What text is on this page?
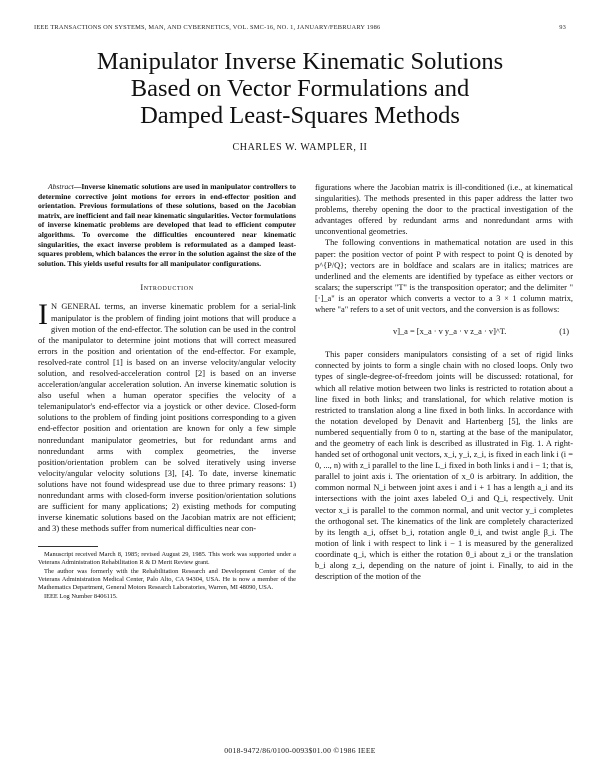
IEEE TRANSACTIONS ON SYSTEMS, MAN, AND CYBERNETICS, VOL. SMC-16, NO. 1, JANUARY/FEBRUARY 1986	93
Manipulator Inverse Kinematic Solutions
Based on Vector Formulations and
Damped Least-Squares Methods
CHARLES W. WAMPLER, II

Abstract—Inverse kinematic solutions are used in manipulator controllers to determine corrective joint motions for errors in end-effector position and orientation. Previous formulations of these solutions, based on the Jacobian matrix, are inefficient and fail near kinematic singularities. Vector formulations of inverse kinematic problems are developed that lead to efficient computer algorithms. To overcome the difficulties encountered near kinematic singularities, the exact inverse problem is reformulated as a damped least-squares problem, which balances the error in the solution against the size of the solution. This yields useful results for all manipulator configurations.

Introduction

I N GENERAL terms, an inverse kinematic problem for a serial-link manipulator is the problem of finding joint motions that will produce a given motion of the end-effector. The solution can be used in the control of the manipulator to determine joint motions that will correct measured errors in the position and orientation of the end-effector. For example, resolved-rate control [1] is based on an inverse velocity/angular velocity solution, and resolved-acceleration control [2] is based on an inverse acceleration/angular acceleration solution. An inverse kinematic solution is also useful when a human operator specifies the velocity of a telemanipulator's end-effector via a joystick or other device. Closed-form solutions to the problem of finding joint positions corresponding to a given end-effector position and orientation are known for only a few simple nonredundant manipulator geometries, but for redundant arms and nonredundant arms with complex geometries, the inverse position/orientation problem can be solved iteratively using inverse velocity/angular velocity solutions [3], [4]. To date, inverse kinematic solutions have not found widespread use due to three primary reasons: 1) nonredundant arms with closed-form inverse position/orientation solutions are sufficient for many applications; 2) existing methods for computing inverse kinematic solutions based on the Jacobian matrix are not efficient; and 3) these methods suffer from numerical difficulties near con-

Manuscript received March 8, 1985; revised August 29, 1985. This work was supported under a Veterans Administration Rehabilitation R & D Merit Review grant.

The author was formerly with the Rehabilitation Research and Development Center of the Veterans Administration Medical Center, Palo Alto, CA 94304, USA. He is now a member of the Mathematics Department, General Motors Research Laboratories, Warren, MI 48090, USA.

IEEE Log Number 8406115.

figurations where the Jacobian matrix is ill-conditioned (i.e., at kinematical singularities). The methods presented in this paper address the latter two problems, thereby opening the door to the practical investigation of the advantages offered by redundant arms and nonredundant arms with unconventional geometries.

The following conventions in mathematical notation are used in this paper: the position vector of point P with respect to point Q is denoted by p^{P/Q}; vectors are in boldface and scalars are in italics; matrices are underlined and the elements are identified by typeface as either vectors or scalars; the superscript "T" is the transposition operator; and the delimiter "[·]_a" is an operator which converts a vector to a 3 × 1 column matrix, where "a" refers to a set of unit vectors, and the conversion is as follows:

v]_a = [x_a · v y_a · v z_a · v]^T.	(1)

This paper considers manipulators consisting of a set of rigid links connected by joints to form a single chain with no closed loops. Only two types of single-degree-of-freedom joints will be discussed: rotational, for which all relative motion between two links is restricted to rotation about a line fixed in both links; and translational, for which relative motion is restricted to translation along a line fixed in both links. In accordance with the notation developed by Denavit and Hartenberg [5], the links are numbered sequentially from 0 to n, starting at the base of the manipulator, and the geometry of each link is described as illustrated in Fig. 1. A right-handed set of orthogonal unit vectors, x_i, y_i, z_i, is fixed in each link i (i = 0, ..., n) with z_i parallel to the line L_i fixed in both links i and i − 1; that is, parallel to joint axis i. The orientation of x_0 is arbitrary. In addition, the common normal N_i between joint axes i and i + 1 has a length a_i and its intersections with the joint axes labeled O_i and Q_i, respectively. Unit vector x_i is parallel to the common normal, and unit vector y_i completes the orthogonal set. The kinematics of the link are completely characterized by its length a_i, offset b_i, rotation angle θ_i, and twist angle β_i. The motion of link i with respect to link i − 1 is measured by the generalized coordinate q_i, which is either the rotation θ_i about z_i or the translation b_i along z_i, depending on the nature of joint i. Finally, to aid in the description of the motion of the

0018-9472/86/0100-0093$01.00 ©1986 IEEE
